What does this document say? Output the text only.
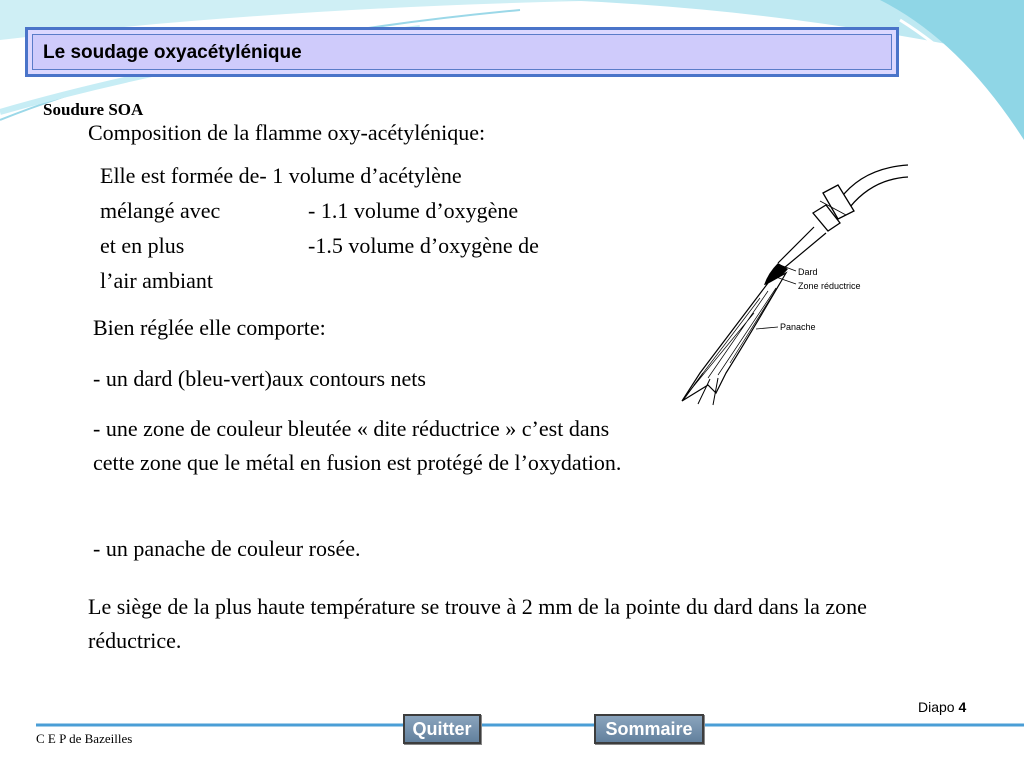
Le soudage oxyacétylénique
Soudure SOA
Composition de la flamme oxy-acétylénique:
Elle est formée de- 1 volume d’acétylène
mélangé avec	- 1.1 volume d’oxygène
et en plus	-1.5 volume d’oxygène de
l’air ambiant
Bien réglée elle comporte:
- un dard (bleu-vert)aux contours nets
- une zone de couleur bleutée « dite réductrice » c’est dans cette zone que le métal en fusion est protégé de l’oxydation.
- un panache de couleur rosée.
Le siège de la plus haute température se trouve à 2 mm de la pointe du dard dans la zone réductrice.
Dard
Zone réductrice
Panache
Diapo 4
Quitter	Sommaire
C E P de Bazeilles
